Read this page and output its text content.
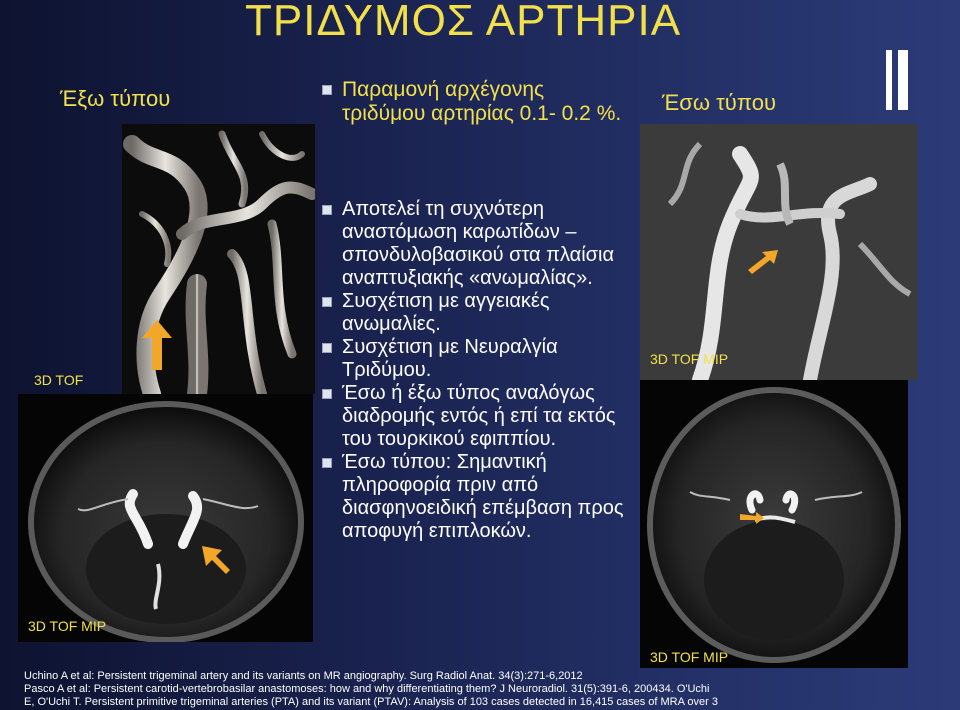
ΤΡΙΔΥΜΟΣ ΑΡΤΗΡΙΑ
Έξω τύπου	Έσω τύπου
3D TOF
3D TOF MIP
3D TOF MIP
3D TOF MIP
Παραμονή αρχέγονης τριδύμου αρτηρίας 0.1- 0.2 %.
Αποτελεί τη συχνότερη αναστόμωση καρωτίδων – σπονδυλοβασικού στα πλαίσια αναπτυξιακής «ανωμαλίας».
Συσχέτιση με αγγειακές ανωμαλίες.
Συσχέτιση με Νευραλγία Τριδύμου.
Έσω ή έξω τύπος αναλόγως διαδρομής εντός ή επί τα εκτός του τουρκικού εφιππίου.
Έσω τύπου: Σημαντική πληροφορία πριν από διασφηνοειδική επέμβαση προς αποφυγή επιπλοκών.
Uchino A et al: Persistent trigeminal artery and its variants on MR angiography. Surg Radiol Anat. 34(3):271-6,2012
Pasco A et al: Persistent carotid-vertebrobasilar anastomoses: how and why differentiating them? J Neuroradiol. 31(5):391-6, 200434. O'Uchi
E, O'Uchi T. Persistent primitive trigeminal arteries (PTA) and its variant (PTAV): Analysis of 103 cases detected in 16,415 cases of MRA over 3
